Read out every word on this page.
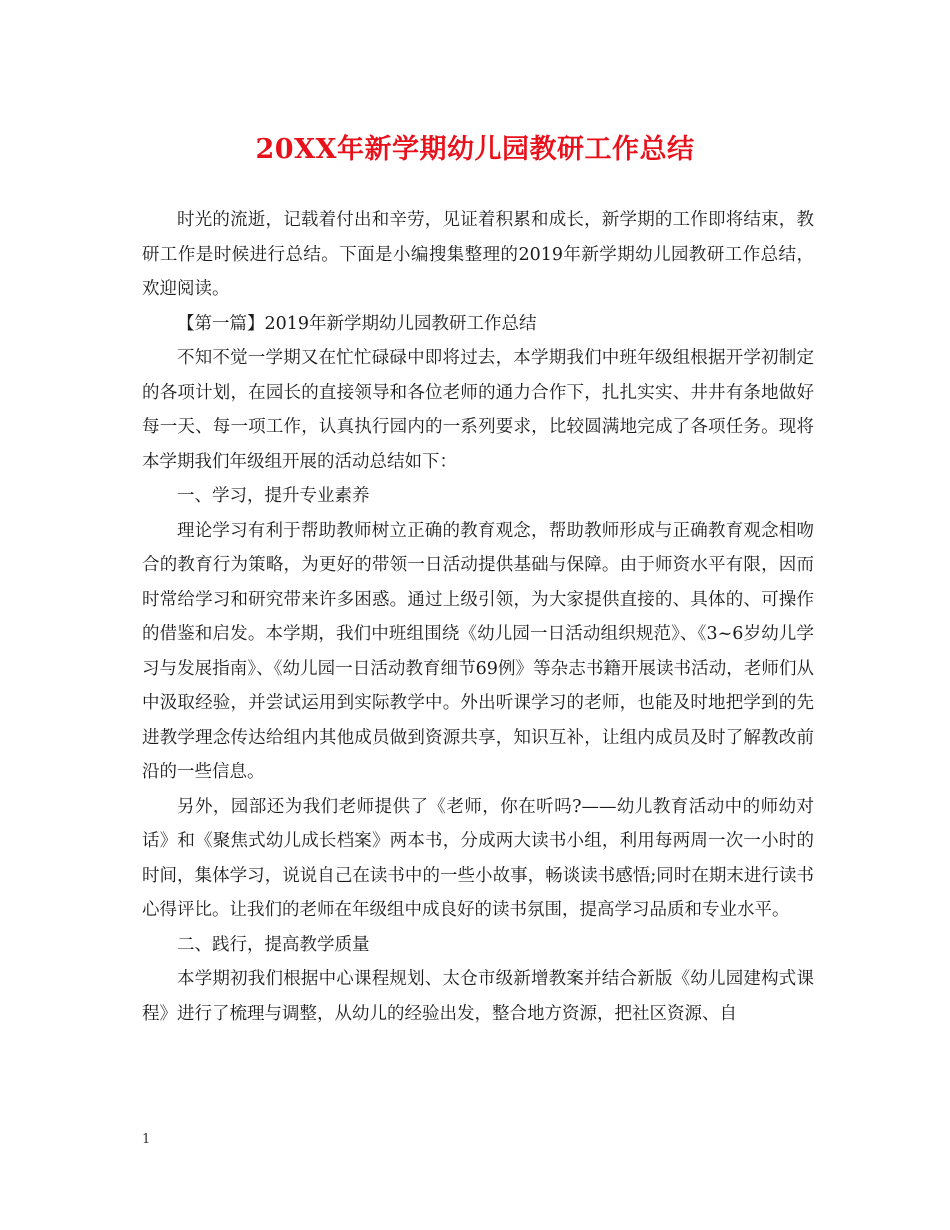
20XX年新学期幼儿园教研工作总结

时光的流逝，记载着付出和辛劳，见证着积累和成长，新学期的工作即将结束，教研工作是时候进行总结。下面是小编搜集整理的2019年新学期幼儿园教研工作总结，欢迎阅读。

【第一篇】2019年新学期幼儿园教研工作总结

不知不觉一学期又在忙忙碌碌中即将过去，本学期我们中班年级组根据开学初制定的各项计划，在园长的直接领导和各位老师的通力合作下，扎扎实实、井井有条地做好每一天、每一项工作，认真执行园内的一系列要求，比较圆满地完成了各项任务。现将本学期我们年级组开展的活动总结如下：

一、学习，提升专业素养

理论学习有利于帮助教师树立正确的教育观念，帮助教师形成与正确教育观念相吻合的教育行为策略，为更好的带领一日活动提供基础与保障。由于师资水平有限，因而时常给学习和研究带来许多困惑。通过上级引领，为大家提供直接的、具体的、可操作的借鉴和启发。本学期，我们中班组围绕《幼儿园一日活动组织规范》、《3~6岁幼儿学习与发展指南》、《幼儿园一日活动教育细节69例》等杂志书籍开展读书活动，老师们从中汲取经验，并尝试运用到实际教学中。外出听课学习的老师，也能及时地把学到的先进教学理念传达给组内其他成员做到资源共享，知识互补，让组内成员及时了解教改前沿的一些信息。

另外，园部还为我们老师提供了《老师，你在听吗?——幼儿教育活动中的师幼对话》和《聚焦式幼儿成长档案》两本书，分成两大读书小组，利用每两周一次一小时的时间，集体学习，说说自己在读书中的一些小故事，畅谈读书感悟;同时在期末进行读书心得评比。让我们的老师在年级组中成良好的读书氛围，提高学习品质和专业水平。

二、践行，提高教学质量

本学期初我们根据中心课程规划、太仓市级新增教案并结合新版《幼儿园建构式课程》进行了梳理与调整，从幼儿的经验出发，整合地方资源，把社区资源、自

1
